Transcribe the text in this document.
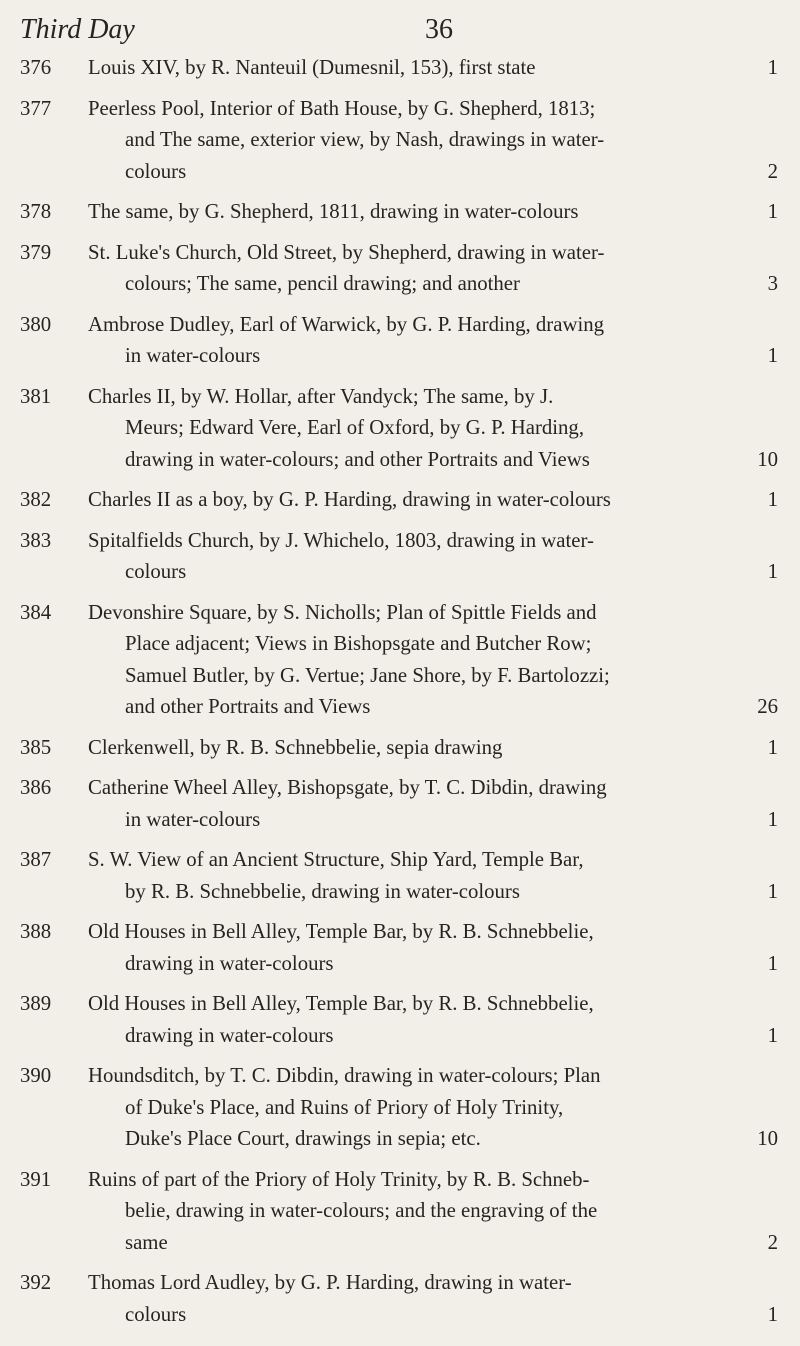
Third Day	36
376 Louis XIV, by R. Nanteuil (Dumesnil, 153), first state	1
377 Peerless Pool, Interior of Bath House, by G. Shepherd, 1813;
and The same, exterior view, by Nash, drawings in water-
colours	2
378 The same, by G. Shepherd, 1811, drawing in water-colours	1
379 St. Luke's Church, Old Street, by Shepherd, drawing in water-
colours; The same, pencil drawing; and another	3
380 Ambrose Dudley, Earl of Warwick, by G. P. Harding, drawing
in water-colours	1
381 Charles II, by W. Hollar, after Vandyck; The same, by J.
Meurs; Edward Vere, Earl of Oxford, by G. P. Harding,
drawing in water-colours; and other Portraits and Views	10
382 Charles II as a boy, by G. P. Harding, drawing in water-colours	1
383 Spitalfields Church, by J. Whichelo, 1803, drawing in water-
colours	1
384 Devonshire Square, by S. Nicholls; Plan of Spittle Fields and
Place adjacent; Views in Bishopsgate and Butcher Row;
Samuel Butler, by G. Vertue; Jane Shore, by F. Bartolozzi;
and other Portraits and Views	26
385 Clerkenwell, by R. B. Schnebbelie, sepia drawing	1
386 Catherine Wheel Alley, Bishopsgate, by T. C. Dibdin, drawing
in water-colours	1
387 S. W. View of an Ancient Structure, Ship Yard, Temple Bar,
by R. B. Schnebbelie, drawing in water-colours	1
388 Old Houses in Bell Alley, Temple Bar, by R. B. Schnebbelie,
drawing in water-colours	1
389 Old Houses in Bell Alley, Temple Bar, by R. B. Schnebbelie,
drawing in water-colours	1
390 Houndsditch, by T. C. Dibdin, drawing in water-colours; Plan
of Duke's Place, and Ruins of Priory of Holy Trinity,
Duke's Place Court, drawings in sepia; etc.	10
391 Ruins of part of the Priory of Holy Trinity, by R. B. Schneb-
belie, drawing in water-colours; and the engraving of the
same	2
392 Thomas Lord Audley, by G. P. Harding, drawing in water-
colours	1
